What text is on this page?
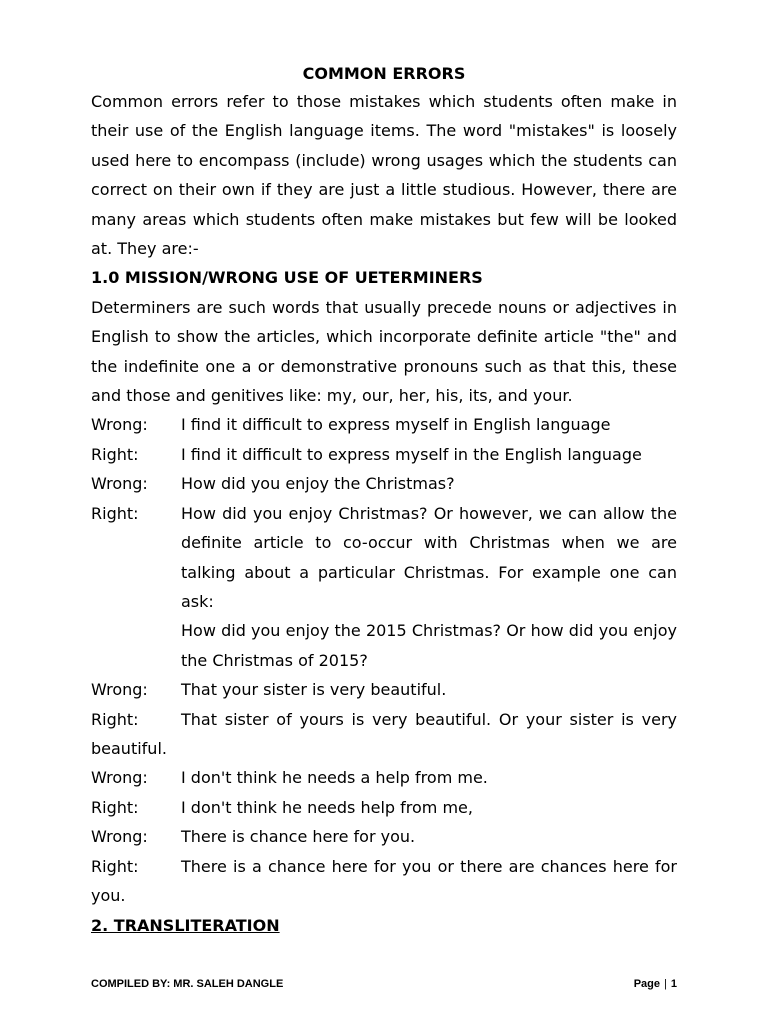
COMMON ERRORS

Common errors refer to those mistakes which students often make in their use of the English language items. The word "mistakes" is loosely used here to encompass (include) wrong usages which the students can correct on their own if they are just a little studious. However, there are many areas which students often make mistakes but few will be looked at. They are:-

1.0 MISSION/WRONG USE OF UETERMINERS

Determiners are such words that usually precede nouns or adjectives in English to show the articles, which incorporate definite article "the" and the indefinite one a or demonstrative pronouns such as that this, these and those and genitives like: my, our, her, his, its, and your.

Wrong: I find it difficult to express myself in English language

Right:	I find it difficult to express myself in the English language

Wrong: How did you enjoy the Christmas?

Right:	How did you enjoy Christmas? Or however, we can allow the definite article to co-occur with Christmas when we are talking about a particular Christmas. For example one can ask:

How did you enjoy the 2015 Christmas? Or how did you enjoy the Christmas of 2015?

Wrong: That your sister is very beautiful.

Right:	That sister of yours is very beautiful. Or your sister is very beautiful.

Wrong: I don't think he needs a help from me.

Right:	I don't think he needs help from me,

Wrong: There is chance here for you.

Right:	There is a chance here for you or there are chances here for you.

2. TRANSLITERATION
COMPILED BY: MR. SALEH DANGLE	Page | 1
